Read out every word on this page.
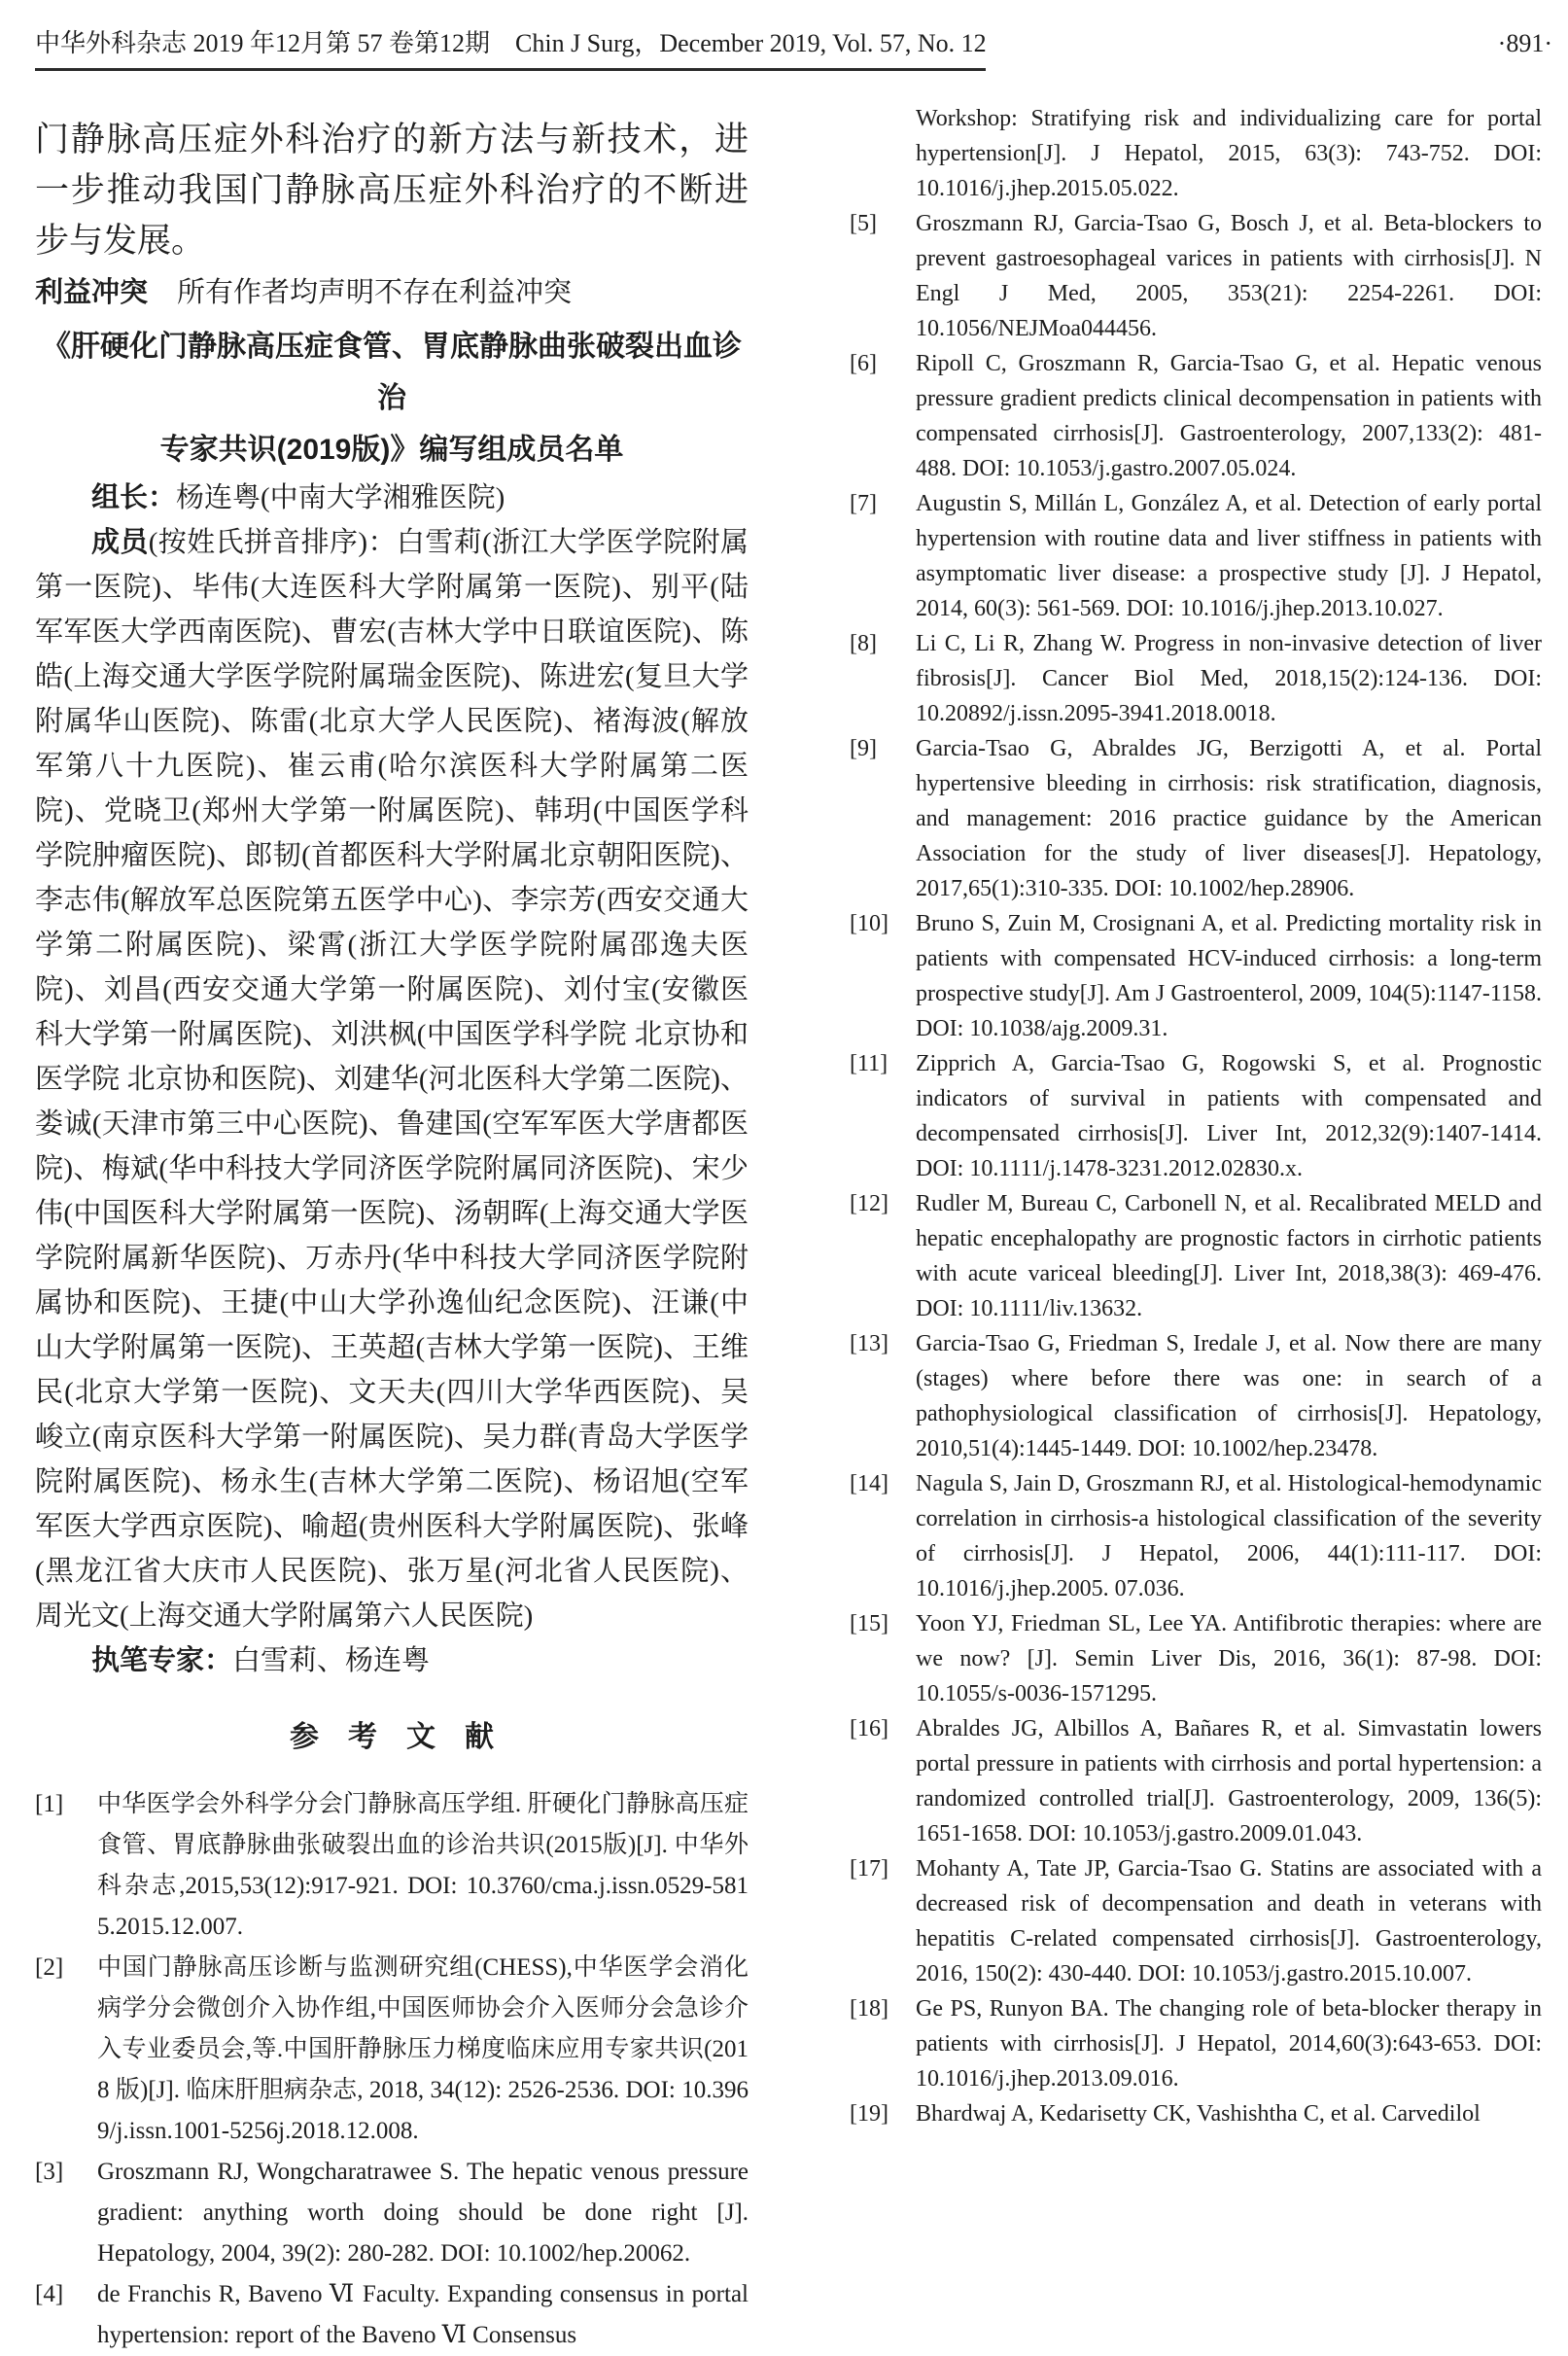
中华外科杂志 2019 年12月第 57 卷第12期　Chin J Surg，December 2019, Vol. 57, No. 12	·891·

门静脉高压症外科治疗的新方法与新技术，进一步推动我国门静脉高压症外科治疗的不断进步与发展。

利益冲突 所有作者均声明不存在利益冲突

《肝硬化门静脉高压症食管、胃底静脉曲张破裂出血诊治
专家共识(2019版)》编写组成员名单

组长：杨连粤(中南大学湘雅医院)

成员(按姓氏拼音排序)：白雪莉(浙江大学医学院附属第一医院)、毕伟(大连医科大学附属第一医院)、别平(陆军军医大学西南医院)、曹宏(吉林大学中日联谊医院)、陈皓(上海交通大学医学院附属瑞金医院)、陈进宏(复旦大学附属华山医院)、陈雷(北京大学人民医院)、褚海波(解放军第八十九医院)、崔云甫(哈尔滨医科大学附属第二医院)、党晓卫(郑州大学第一附属医院)、韩玥(中国医学科学院肿瘤医院)、郎韧(首都医科大学附属北京朝阳医院)、李志伟(解放军总医院第五医学中心)、李宗芳(西安交通大学第二附属医院)、梁霄(浙江大学医学院附属邵逸夫医院)、刘昌(西安交通大学第一附属医院)、刘付宝(安徽医科大学第一附属医院)、刘洪枫(中国医学科学院 北京协和医学院 北京协和医院)、刘建华(河北医科大学第二医院)、娄诚(天津市第三中心医院)、鲁建国(空军军医大学唐都医院)、梅斌(华中科技大学同济医学院附属同济医院)、宋少伟(中国医科大学附属第一医院)、汤朝晖(上海交通大学医学院附属新华医院)、万赤丹(华中科技大学同济医学院附属协和医院)、王捷(中山大学孙逸仙纪念医院)、汪谦(中山大学附属第一医院)、王英超(吉林大学第一医院)、王维民(北京大学第一医院)、文天夫(四川大学华西医院)、吴峻立(南京医科大学第一附属医院)、吴力群(青岛大学医学院附属医院)、杨永生(吉林大学第二医院)、杨诏旭(空军军医大学西京医院)、喻超(贵州医科大学附属医院)、张峰(黑龙江省大庆市人民医院)、张万星(河北省人民医院)、周光文(上海交通大学附属第六人民医院)

执笔专家：白雪莉、杨连粤

参　考　文　献
[1]	中华医学会外科学分会门静脉高压学组. 肝硬化门静脉高压症食管、胃底静脉曲张破裂出血的诊治共识(2015版)[J]. 中华外科杂志,2015,53(12):917-921. DOI: 10.3760/cma.j.issn.0529-5815.2015.12.007.

[2]	中国门静脉高压诊断与监测研究组(CHESS),中华医学会消化病学分会微创介入协作组,中国医师协会介入医师分会急诊介入专业委员会,等.中国肝静脉压力梯度临床应用专家共识(2018 版)[J]. 临床肝胆病杂志, 2018, 34(12): 2526-2536. DOI: 10.3969/j.issn.1001-5256j.2018.12.008.

[3]	Groszmann RJ, Wongcharatrawee S. The hepatic venous pressure gradient: anything worth doing should be done right [J]. Hepatology, 2004, 39(2): 280-282. DOI: 10.1002/hep.20062.

[4]	de Franchis R, Baveno Ⅵ Faculty. Expanding consensus in portal hypertension: report of the Baveno Ⅵ Consensus

Workshop: Stratifying risk and individualizing care for portal hypertension[J]. J Hepatol, 2015, 63(3): 743-752. DOI: 10.1016/j.jhep.2015.05.022.

[5]	Groszmann RJ, Garcia-Tsao G, Bosch J, et al. Beta-blockers to prevent gastroesophageal varices in patients with cirrhosis[J]. N Engl J Med, 2005, 353(21): 2254-2261. DOI: 10.1056/NEJMoa044456.

[6]	Ripoll C, Groszmann R, Garcia-Tsao G, et al. Hepatic venous pressure gradient predicts clinical decompensation in patients with compensated cirrhosis[J]. Gastroenterology, 2007,133(2): 481-488. DOI: 10.1053/j.gastro.2007.05.024.

[7]	Augustin S, Millán L, González A, et al. Detection of early portal hypertension with routine data and liver stiffness in patients with asymptomatic liver disease: a prospective study [J]. J Hepatol, 2014, 60(3): 561-569. DOI: 10.1016/j.jhep.2013.10.027.

[8]	Li C, Li R, Zhang W. Progress in non-invasive detection of liver fibrosis[J]. Cancer Biol Med, 2018,15(2):124-136. DOI: 10.20892/j.issn.2095-3941.2018.0018.

[9]	Garcia-Tsao G, Abraldes JG, Berzigotti A, et al. Portal hypertensive bleeding in cirrhosis: risk stratification, diagnosis, and management: 2016 practice guidance by the American Association for the study of liver diseases[J]. Hepatology, 2017,65(1):310-335. DOI: 10.1002/hep.28906.

[10]	Bruno S, Zuin M, Crosignani A, et al. Predicting mortality risk in patients with compensated HCV-induced cirrhosis: a long-term prospective study[J]. Am J Gastroenterol, 2009, 104(5):1147-1158. DOI: 10.1038/ajg.2009.31.

[11]	Zipprich A, Garcia-Tsao G, Rogowski S, et al. Prognostic indicators of survival in patients with compensated and decompensated cirrhosis[J]. Liver Int, 2012,32(9):1407-1414. DOI: 10.1111/j.1478-3231.2012.02830.x.

[12]	Rudler M, Bureau C, Carbonell N, et al. Recalibrated MELD and hepatic encephalopathy are prognostic factors in cirrhotic patients with acute variceal bleeding[J]. Liver Int, 2018,38(3): 469-476. DOI: 10.1111/liv.13632.

[13]	Garcia-Tsao G, Friedman S, Iredale J, et al. Now there are many (stages) where before there was one: in search of a pathophysiological classification of cirrhosis[J]. Hepatology, 2010,51(4):1445-1449. DOI: 10.1002/hep.23478.

[14]	Nagula S, Jain D, Groszmann RJ, et al. Histological-hemodynamic correlation in cirrhosis-a histological classification of the severity of cirrhosis[J]. J Hepatol, 2006, 44(1):111-117. DOI: 10.1016/j.jhep.2005. 07.036.

[15]	Yoon YJ, Friedman SL, Lee YA. Antifibrotic therapies: where are we now? [J]. Semin Liver Dis, 2016, 36(1): 87-98. DOI: 10.1055/s-0036-1571295.

[16]	Abraldes JG, Albillos A, Bañares R, et al. Simvastatin lowers portal pressure in patients with cirrhosis and portal hypertension: a randomized controlled trial[J]. Gastroenterology, 2009, 136(5): 1651-1658. DOI: 10.1053/j.gastro.2009.01.043.

[17]	Mohanty A, Tate JP, Garcia-Tsao G. Statins are associated with a decreased risk of decompensation and death in veterans with hepatitis C-related compensated cirrhosis[J]. Gastroenterology, 2016, 150(2): 430-440. DOI: 10.1053/j.gastro.2015.10.007.

[18]	Ge PS, Runyon BA. The changing role of beta-blocker therapy in patients with cirrhosis[J]. J Hepatol, 2014,60(3):643-653. DOI: 10.1016/j.jhep.2013.09.016.

[19]	Bhardwaj A, Kedarisetty CK, Vashishtha C, et al. Carvedilol
